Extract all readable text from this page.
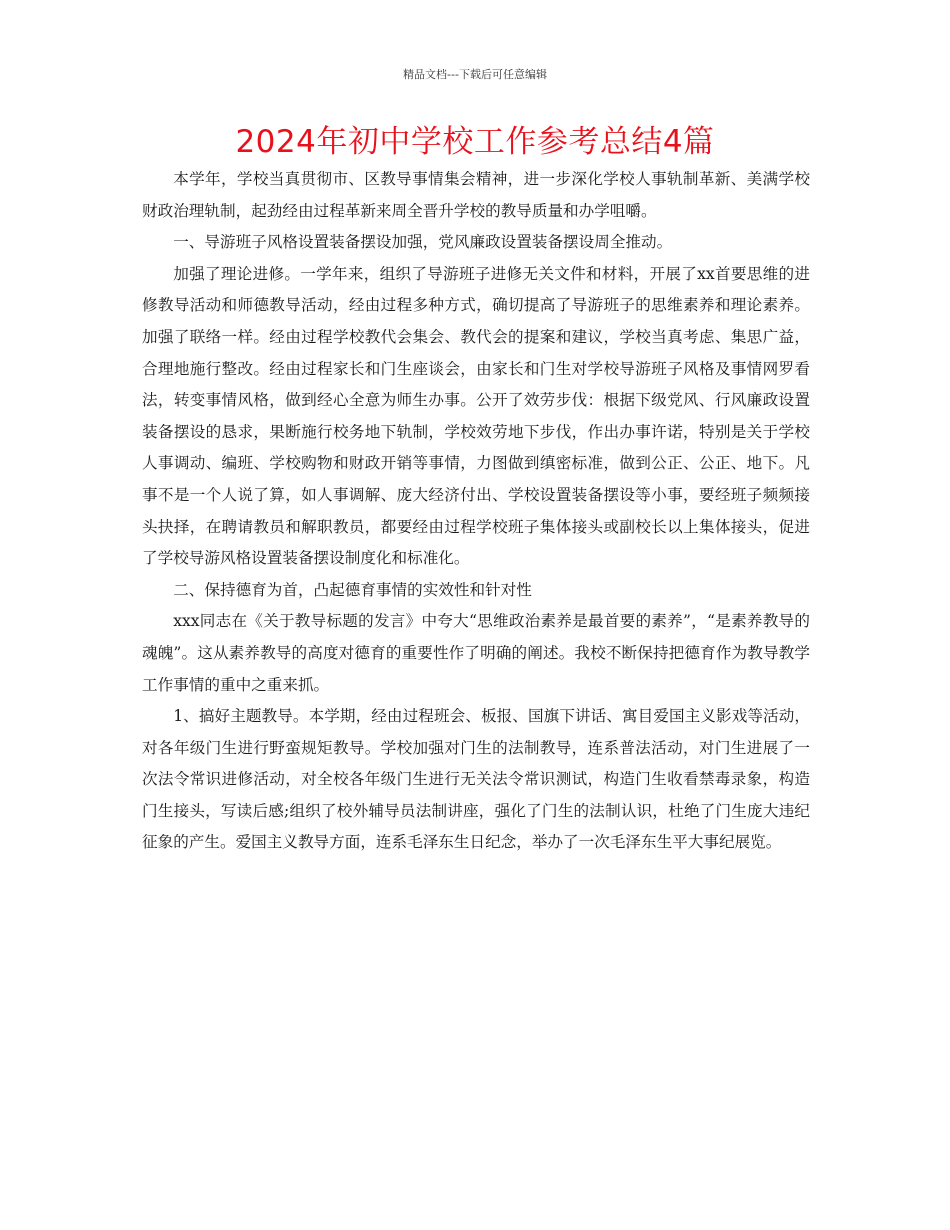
精品文档---下载后可任意编辑
2024年初中学校工作参考总结4篇

本学年，学校当真贯彻市、区教导事情集会精神，进一步深化学校人事轨制革新、美满学校财政治理轨制，起劲经由过程革新来周全晋升学校的教导质量和办学咀嚼。

一、导游班子风格设置装备摆设加强，党风廉政设置装备摆设周全推动。

加强了理论进修。一学年来，组织了导游班子进修无关文件和材料，开展了xx首要思维的进修教导活动和师德教导活动，经由过程多种方式，确切提高了导游班子的思维素养和理论素养。加强了联络一样。经由过程学校教代会集会、教代会的提案和建议，学校当真考虑、集思广益，合理地施行整改。经由过程家长和门生座谈会，由家长和门生对学校导游班子风格及事情网罗看法，转变事情风格，做到经心全意为师生办事。公开了效劳步伐：根据下级党风、行风廉政设置装备摆设的恳求，果断施行校务地下轨制，学校效劳地下步伐，作出办事许诺，特别是关于学校人事调动、编班、学校购物和财政开销等事情，力图做到缜密标准，做到公正、公正、地下。凡事不是一个人说了算，如人事调解、庞大经济付出、学校设置装备摆设等小事，要经班子频频接头抉择，在聘请教员和解职教员，都要经由过程学校班子集体接头或副校长以上集体接头，促进了学校导游风格设置装备摆设制度化和标准化。

二、保持德育为首，凸起德育事情的实效性和针对性

xxx同志在《关于教导标题的发言》中夸大“思维政治素养是最首要的素养”，“是素养教导的魂魄”。这从素养教导的高度对德育的重要性作了明确的阐述。我校不断保持把德育作为教导教学工作事情的重中之重来抓。

1、搞好主题教导。本学期，经由过程班会、板报、国旗下讲话、寓目爱国主义影戏等活动，对各年级门生进行野蛮规矩教导。学校加强对门生的法制教导，连系普法活动，对门生进展了一次法令常识进修活动，对全校各年级门生进行无关法令常识测试，构造门生收看禁毒录象，构造门生接头，写读后感;组织了校外辅导员法制讲座，强化了门生的法制认识，杜绝了门生庞大违纪征象的产生。爱国主义教导方面，连系毛泽东生日纪念，举办了一次毛泽东生平大事纪展览。
